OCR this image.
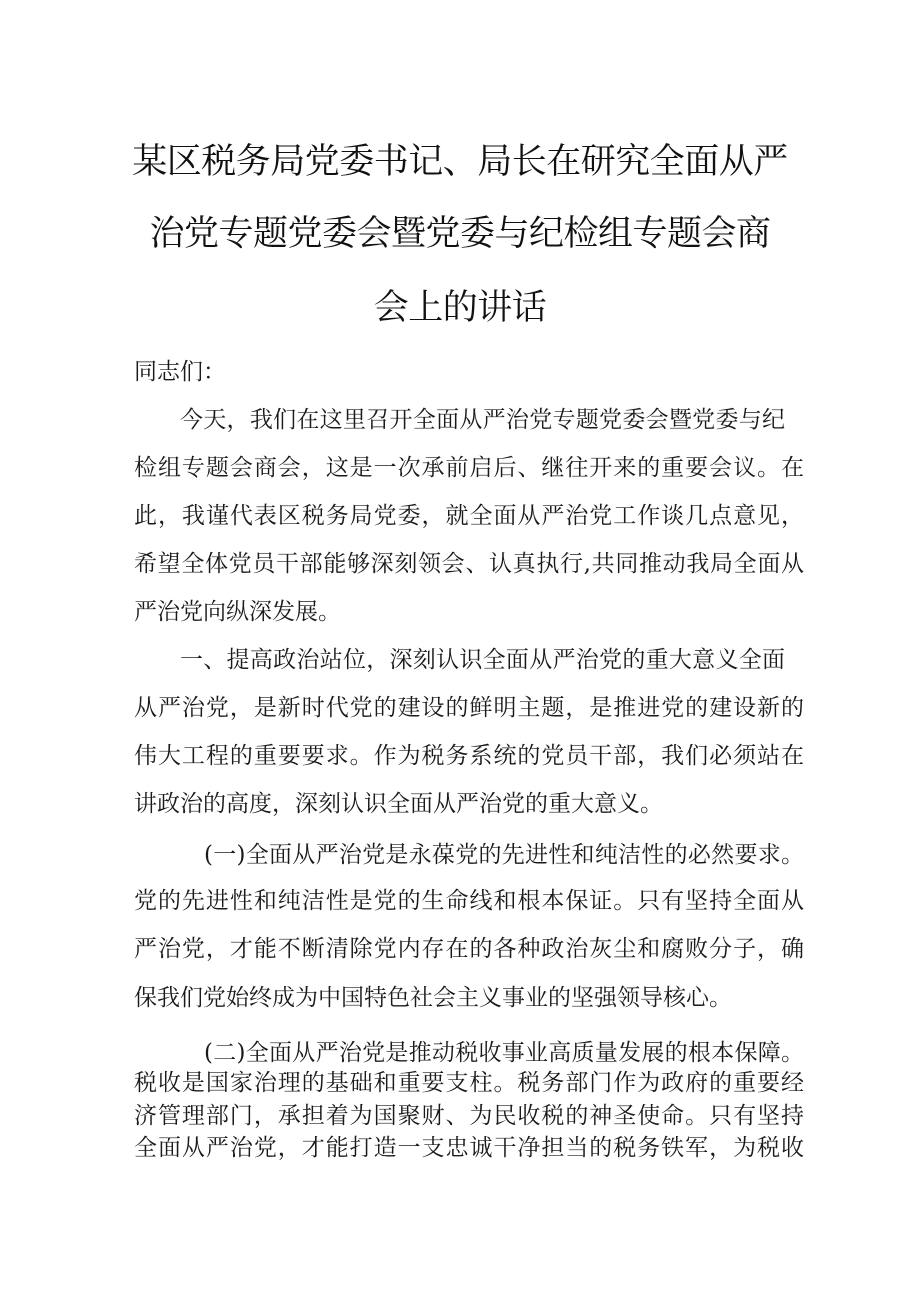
某区税务局党委书记、局长在研究全面从严
治党专题党委会暨党委与纪检组专题会商
会上的讲话
同志们：
今天，我们在这里召开全面从严治党专题党委会暨党委与纪
检组专题会商会，这是一次承前启后、继往开来的重要会议。在
此，我谨代表区税务局党委，就全面从严治党工作谈几点意见，
希望全体党员干部能够深刻领会、认真执行,共同推动我局全面从
严治党向纵深发展。
一、提高政治站位，深刻认识全面从严治党的重大意义全面
从严治党，是新时代党的建设的鲜明主题，是推进党的建设新的
伟大工程的重要要求。作为税务系统的党员干部，我们必须站在
讲政治的高度，深刻认识全面从严治党的重大意义。
(一)全面从严治党是永葆党的先进性和纯洁性的必然要求。
党的先进性和纯洁性是党的生命线和根本保证。只有坚持全面从
严治党，才能不断清除党内存在的各种政治灰尘和腐败分子，确
保我们党始终成为中国特色社会主义事业的坚强领导核心。
(二)全面从严治党是推动税收事业高质量发展的根本保障。
税收是国家治理的基础和重要支柱。税务部门作为政府的重要经
济管理部门，承担着为国聚财、为民收税的神圣使命。只有坚持
全面从严治党，才能打造一支忠诚干净担当的税务铁军，为税收
